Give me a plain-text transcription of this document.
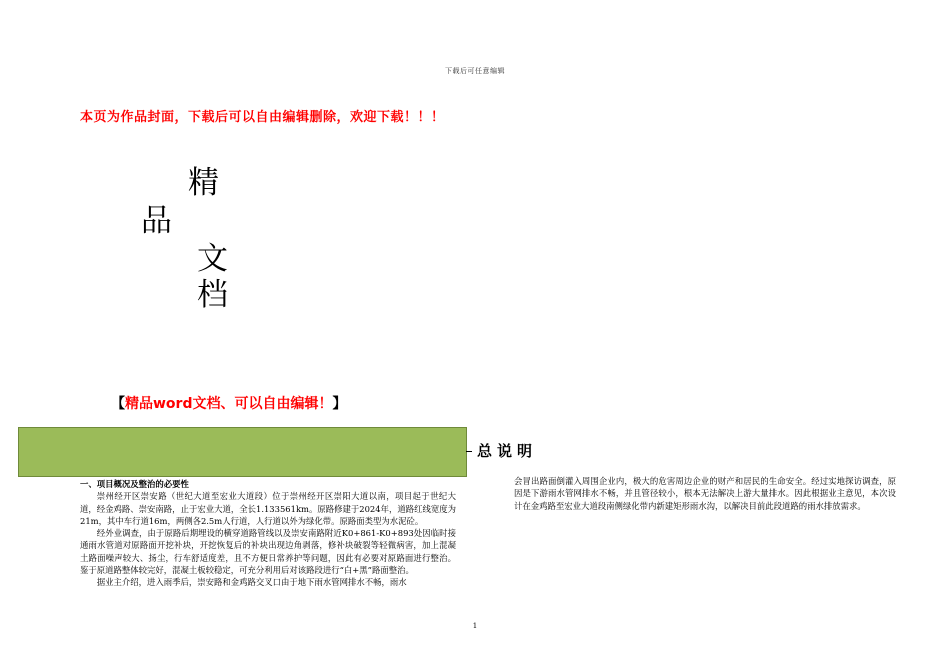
下载后可任意编辑
本页为作品封面，下载后可以自由编辑删除，欢迎下载！！！
精
品
文
档
【精品word文档、可以自由编辑！】
总说明

一、项目概况及整治的必要性

崇州经开区崇安路（世纪大道至宏业大道段）位于崇州经开区崇阳大道以南，项目起于世纪大道，经金鸡路、崇安南路，止于宏业大道，全长1.133561km。原路修建于2024年，道路红线宽度为21m，其中车行道16m，两侧各2.5m人行道，人行道以外为绿化带。原路面类型为水泥砼。

经外业调查，由于原路后期埋设的横穿道路管线以及崇安南路附近K0+861-K0+893处因临时接通雨水管道对原路面开挖补块，开挖恢复后的补块出现边角剥落，修补块破裂等轻微病害，加上混凝土路面噪声较大、扬尘，行车舒适度差，且不方便日常养护等问题，因此有必要对原路面进行整治。鉴于原道路整体较完好，混凝土板较稳定，可充分利用后对该路段进行“白+黑”路面整治。

据业主介绍，进入雨季后，崇安路和金鸡路交叉口由于地下雨水管网排水不畅，雨水

会冒出路面倒灌入周围企业内，极大的危害周边企业的财产和居民的生命安全。经过实地探访调查，原因是下游雨水管网排水不畅，并且管径较小，根本无法解决上游大量排水。因此根据业主意见，本次设计在金鸡路至宏业大道段南侧绿化带内新建矩形雨水沟，以解决目前此段道路的雨水排放需求。

1
